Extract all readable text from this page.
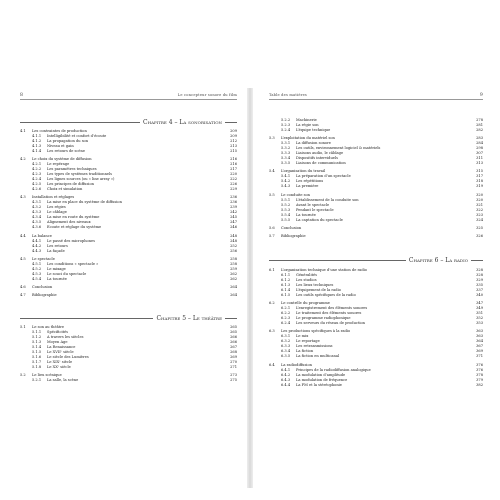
8	Le concepteur sonore du film
Chapitre 4 – La sonorisation
4.1	Les contraintes de production	209
4.1.1	Intelligibilité et confort d’écoute	209
4.1.2	La propagation du son	212
4.1.3	Niveau et gain	213
4.1.4	Les retours de scène	215
4.2	Le choix du système de diffusion	216
4.2.1	Le repérage	216
4.2.2	Les paramètres techniques	217
4.2.3	Les types de systèmes traditionnels	220
4.2.4	Les lignes sources (ou « line array »)	222
4.2.5	Les principes de diffusion	226
4.2.6	Choix et simulation	229
4.3	Installation et réglages	236
4.3.1	La mise en place du système de diffusion	236
4.3.2	Les régies	239
4.3.3	Le câblage	242
4.3.4	La mise en route du système	245
4.3.5	Alignement des niveaux	247
4.3.6	Écoute et réglage du système	246
4.4	La balance	248
4.4.1	Le passé des microphones	248
4.4.2	Les retours	252
4.4.3	La façade	256
4.5	Le spectacle	258
4.5.1	Les conditions « spectacle »	258
4.5.2	Le mixage	259
4.5.3	Le souci du spectacle	262
4.5.4	La tournée	262
4.6	Conclusion	264
4.7	Bibliographie	264
Chapitre 5 – Le théâtre
5.1	Le son au théâtre	265
5.1.1	Spécificités	265
5.1.2	À travers les siècles	266
5.1.3	Moyen Âge	266
5.1.4	La Renaissance	267
5.1.5	Le XVIIᵉ siècle	268
5.1.6	Le siècle des Lumières	269
5.1.7	Le XIXᵉ siècle	270
5.1.8	Le XXᵉ siècle	271
5.2	Le lieu scénique	273
5.2.1	La salle, la scène	275
Table des matières	9
5.2.2	Machinerie	278
5.2.3	La régie son	281
5.2.4	L’équipe technique	282
5.3	L’exploitation du matériel son	283
5.3.1	La diffusion sonore	284
5.3.2	Les outils, environnement logiciel & matériels	298
5.3.3	Liaisons audio, le câblage	307
5.3.4	Dispositifs interviduels	311
5.3.5	Liaisons de communication	313
5.4	L’organisation du travail	315
5.4.1	La préparation d’un spectacle	317
5.4.2	Les répétitions	318
5.4.3	La première	319
5.5	Le conduite son	320
5.5.1	L’établissement de la conduite son	320
5.5.2	Avant le spectacle	321
5.5.3	Pendant le spectacle	322
5.5.4	La tournée	323
5.5.5	La captation du spectacle	324
5.6	Conclusion	325
5.7	Bibliographie	326
Chapitre 6 – La radio
6.1	L’organisation technique d’une station de radio	328
6.1.1	Généralités	328
6.1.2	Les studios	329
6.1.3	Les lieux techniques	335
6.1.4	L’équipement de la radio	337
6.1.5	Les outils spécifiques de la radio	340
6.2	Le contrôle du programme	347
6.2.1	L’enregistrement des éléments sonores	349
6.2.2	Le traitement des éléments sonores	351
6.2.3	Le programme radiophonique	352
6.2.4	Les serveurs du réseau de production	353
6.3	Les productions spécifiques à la radio	363
6.3.1	Le mix	363
6.3.2	Le reportage	364
6.3.3	Les retransmissions	367
6.3.4	La fiction	369
6.3.5	La fiction en multicanal	371
6.4	La radiodiffusion	376
6.4.1	Principes de la radiodiffusion analogique	376
6.4.2	La modulation d’amplitude	378
6.4.3	La modulation de fréquence	379
6.4.4	La FM et la stéréophonie	382
